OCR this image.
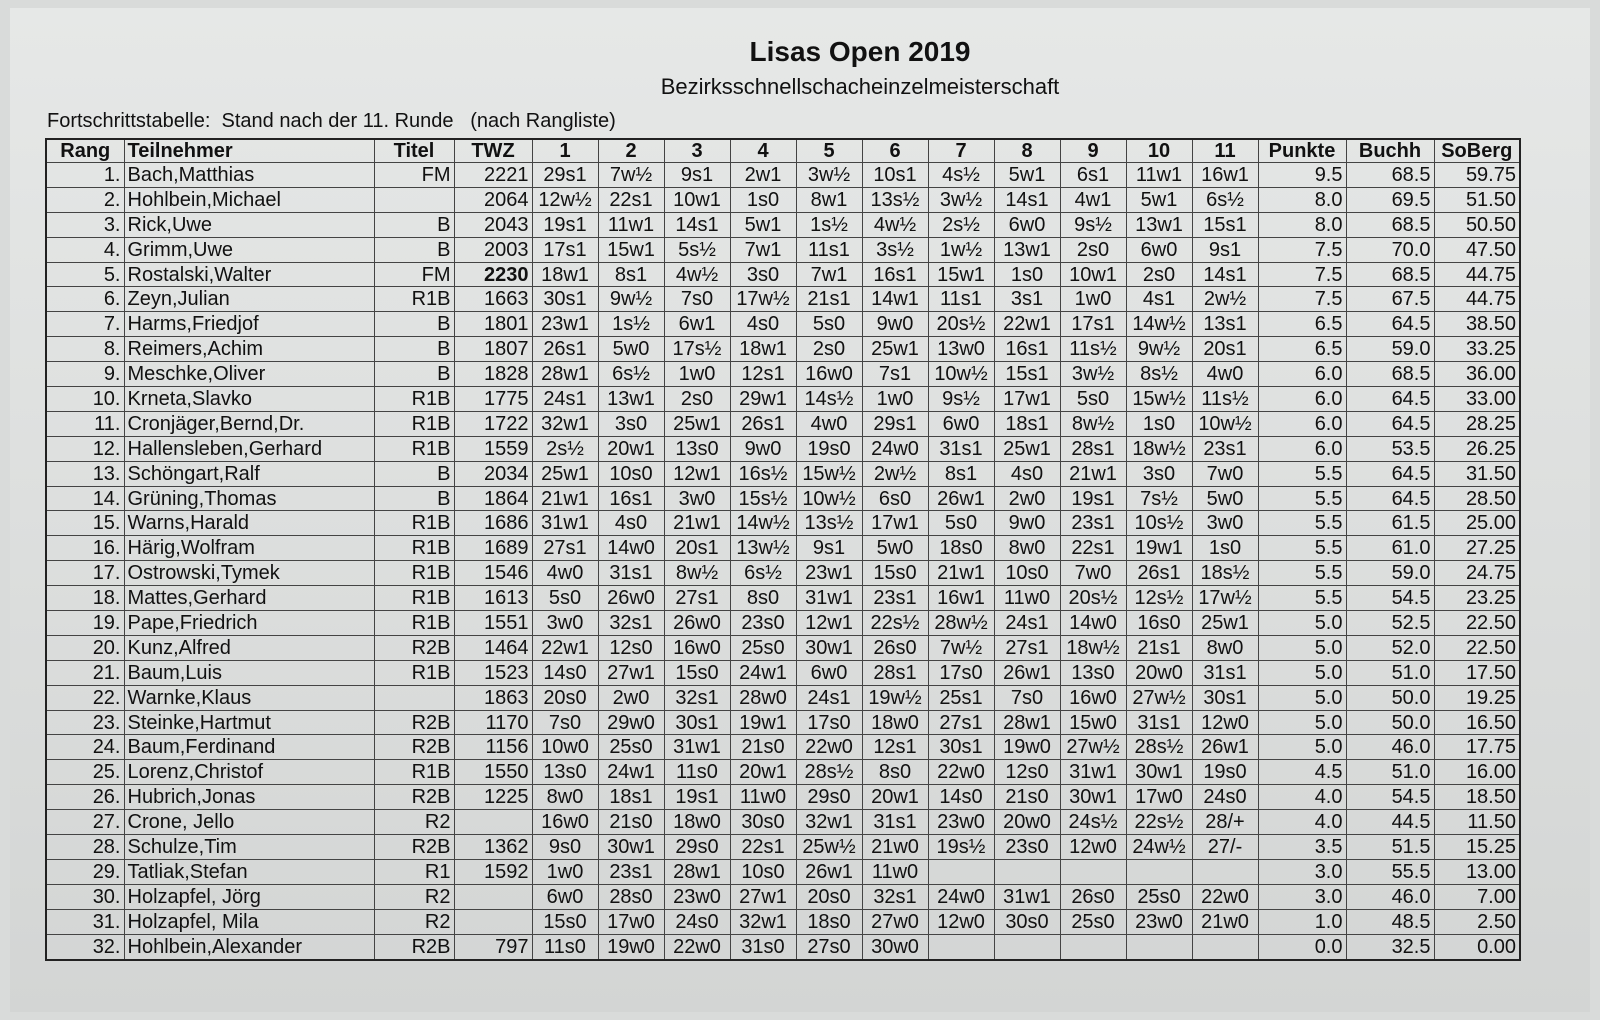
Lisas Open 2019
Bezirksschnellschacheinzelmeisterschaft
Fortschrittstabelle:  Stand nach der 11. Runde   (nach Rangliste)
Rang	Teilnehmer	Titel	TWZ	1	2	3	4	5	6	7	8	9	10	11	Punkte	Buchh	SoBerg
1.	Bach,Matthias	FM	2221	29s1	7w½	9s1	2w1	3w½	10s1	4s½	5w1	6s1	11w1	16w1	9.5	68.5	59.75
2.	Hohlbein,Michael		2064	12w½	22s1	10w1	1s0	8w1	13s½	3w½	14s1	4w1	5w1	6s½	8.0	69.5	51.50
3.	Rick,Uwe	B	2043	19s1	11w1	14s1	5w1	1s½	4w½	2s½	6w0	9s½	13w1	15s1	8.0	68.5	50.50
4.	Grimm,Uwe	B	2003	17s1	15w1	5s½	7w1	11s1	3s½	1w½	13w1	2s0	6w0	9s1	7.5	70.0	47.50
5.	Rostalski,Walter	FM	2230	18w1	8s1	4w½	3s0	7w1	16s1	15w1	1s0	10w1	2s0	14s1	7.5	68.5	44.75
6.	Zeyn,Julian	R1B	1663	30s1	9w½	7s0	17w½	21s1	14w1	11s1	3s1	1w0	4s1	2w½	7.5	67.5	44.75
7.	Harms,Friedjof	B	1801	23w1	1s½	6w1	4s0	5s0	9w0	20s½	22w1	17s1	14w½	13s1	6.5	64.5	38.50
8.	Reimers,Achim	B	1807	26s1	5w0	17s½	18w1	2s0	25w1	13w0	16s1	11s½	9w½	20s1	6.5	59.0	33.25
9.	Meschke,Oliver	B	1828	28w1	6s½	1w0	12s1	16w0	7s1	10w½	15s1	3w½	8s½	4w0	6.0	68.5	36.00
10.	Krneta,Slavko	R1B	1775	24s1	13w1	2s0	29w1	14s½	1w0	9s½	17w1	5s0	15w½	11s½	6.0	64.5	33.00
11.	Cronjäger,Bernd,Dr.	R1B	1722	32w1	3s0	25w1	26s1	4w0	29s1	6w0	18s1	8w½	1s0	10w½	6.0	64.5	28.25
12.	Hallensleben,Gerhard	R1B	1559	2s½	20w1	13s0	9w0	19s0	24w0	31s1	25w1	28s1	18w½	23s1	6.0	53.5	26.25
13.	Schöngart,Ralf	B	2034	25w1	10s0	12w1	16s½	15w½	2w½	8s1	4s0	21w1	3s0	7w0	5.5	64.5	31.50
14.	Grüning,Thomas	B	1864	21w1	16s1	3w0	15s½	10w½	6s0	26w1	2w0	19s1	7s½	5w0	5.5	64.5	28.50
15.	Warns,Harald	R1B	1686	31w1	4s0	21w1	14w½	13s½	17w1	5s0	9w0	23s1	10s½	3w0	5.5	61.5	25.00
16.	Härig,Wolfram	R1B	1689	27s1	14w0	20s1	13w½	9s1	5w0	18s0	8w0	22s1	19w1	1s0	5.5	61.0	27.25
17.	Ostrowski,Tymek	R1B	1546	4w0	31s1	8w½	6s½	23w1	15s0	21w1	10s0	7w0	26s1	18s½	5.5	59.0	24.75
18.	Mattes,Gerhard	R1B	1613	5s0	26w0	27s1	8s0	31w1	23s1	16w1	11w0	20s½	12s½	17w½	5.5	54.5	23.25
19.	Pape,Friedrich	R1B	1551	3w0	32s1	26w0	23s0	12w1	22s½	28w½	24s1	14w0	16s0	25w1	5.0	52.5	22.50
20.	Kunz,Alfred	R2B	1464	22w1	12s0	16w0	25s0	30w1	26s0	7w½	27s1	18w½	21s1	8w0	5.0	52.0	22.50
21.	Baum,Luis	R1B	1523	14s0	27w1	15s0	24w1	6w0	28s1	17s0	26w1	13s0	20w0	31s1	5.0	51.0	17.50
22.	Warnke,Klaus		1863	20s0	2w0	32s1	28w0	24s1	19w½	25s1	7s0	16w0	27w½	30s1	5.0	50.0	19.25
23.	Steinke,Hartmut	R2B	1170	7s0	29w0	30s1	19w1	17s0	18w0	27s1	28w1	15w0	31s1	12w0	5.0	50.0	16.50
24.	Baum,Ferdinand	R2B	1156	10w0	25s0	31w1	21s0	22w0	12s1	30s1	19w0	27w½	28s½	26w1	5.0	46.0	17.75
25.	Lorenz,Christof	R1B	1550	13s0	24w1	11s0	20w1	28s½	8s0	22w0	12s0	31w1	30w1	19s0	4.5	51.0	16.00
26.	Hubrich,Jonas	R2B	1225	8w0	18s1	19s1	11w0	29s0	20w1	14s0	21s0	30w1	17w0	24s0	4.0	54.5	18.50
27.	Crone, Jello	R2		16w0	21s0	18w0	30s0	32w1	31s1	23w0	20w0	24s½	22s½	28/+	4.0	44.5	11.50
28.	Schulze,Tim	R2B	1362	9s0	30w1	29s0	22s1	25w½	21w0	19s½	23s0	12w0	24w½	27/-	3.5	51.5	15.25
29.	Tatliak,Stefan	R1	1592	1w0	23s1	28w1	10s0	26w1	11w0						3.0	55.5	13.00
30.	Holzapfel, Jörg	R2		6w0	28s0	23w0	27w1	20s0	32s1	24w0	31w1	26s0	25s0	22w0	3.0	46.0	7.00
31.	Holzapfel, Mila	R2		15s0	17w0	24s0	32w1	18s0	27w0	12w0	30s0	25s0	23w0	21w0	1.0	48.5	2.50
32.	Hohlbein,Alexander	R2B	797	11s0	19w0	22w0	31s0	27s0	30w0						0.0	32.5	0.00
